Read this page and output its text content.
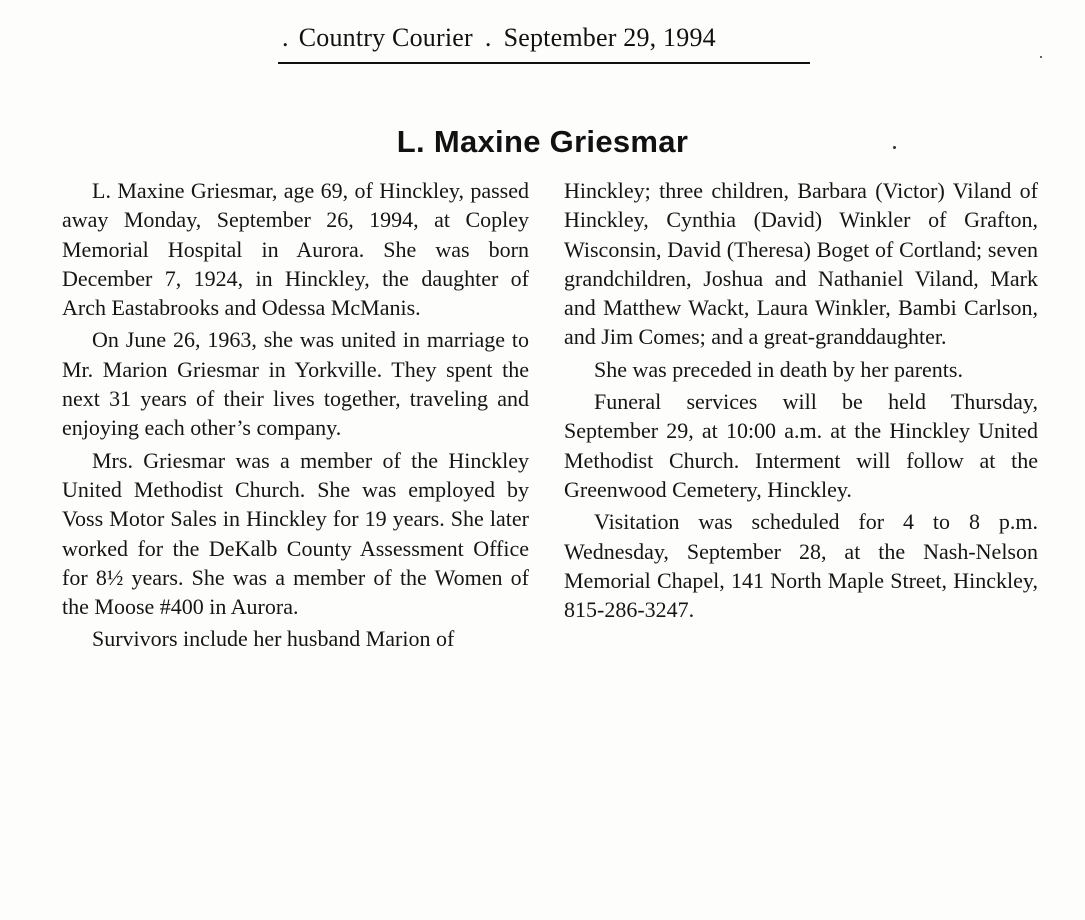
. Country Courier . September 29, 1994
L. Maxine Griesmar

L. Maxine Griesmar, age 69, of Hinckley, passed away Monday, September 26, 1994, at Copley Memorial Hospital in Aurora. She was born December 7, 1924, in Hinckley, the daughter of Arch Eastabrooks and Odessa McManis.

On June 26, 1963, she was united in marriage to Mr. Marion Griesmar in Yorkville. They spent the next 31 years of their lives together, traveling and enjoying each other’s company.

Mrs. Griesmar was a member of the Hinckley United Methodist Church. She was employed by Voss Motor Sales in Hinckley for 19 years. She later worked for the DeKalb County Assessment Office for 8½ years. She was a member of the Women of the Moose #400 in Aurora.

Survivors include her husband Marion of

Hinckley; three children, Barbara (Victor) Viland of Hinckley, Cynthia (David) Winkler of Grafton, Wisconsin, David (Theresa) Boget of Cortland; seven grandchildren, Joshua and Nathaniel Viland, Mark and Matthew Wackt, Laura Winkler, Bambi Carlson, and Jim Comes; and a great-granddaughter.

She was preceded in death by her parents.

Funeral services will be held Thursday, September 29, at 10:00 a.m. at the Hinckley United Methodist Church. Interment will follow at the Greenwood Cemetery, Hinckley.

Visitation was scheduled for 4 to 8 p.m. Wednesday, September 28, at the Nash-Nelson Memorial Chapel, 141 North Maple Street, Hinckley, 815-286-3247.
